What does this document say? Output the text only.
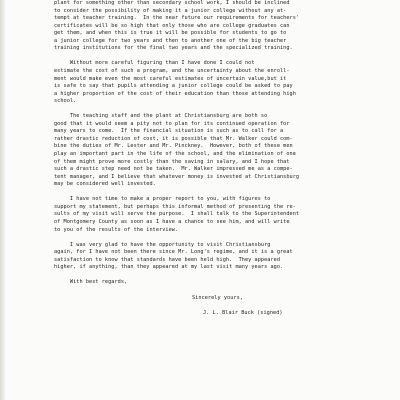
plant for something other than secondary school work, I should be inclined
to consider the possibility of making it a junior college without any at-
tempt at teacher training.  In the near future our requirements for teachers'
certificates will be so high that only those who are college graduates can
get them, and when this is true it will be possible for students to go to
a junior college for two years and then to another one of the big teacher
training institutions for the final two years and the specialized training.
Without more careful figuring than I have done I could not
estimate the cost of such a program, and the uncertainty about the enroll-
ment would make even the most careful estimates of uncertain value,but it
is safe to say that pupils attending a junior college could be asked to pay
a higher proportion of the cost of their education than those attending high
school.
The teaching staff and the plant at Christiansburg are both so
good that it would seem a pity not to plan for its continued operation for
many years to come.  If the financial situation is such as to call for a
rather drastic reduction of cost, it is possible that Mr. Walker could com-
bine the duties of Mr. Lester and Mr. Pinckney.  However, both of these men
play an important part in the life of the school, and the elimination of one
of them might prove more costly than the saving in salary, and I hope that
such a drastic step need not be taken.  Mr. Walker impressed me as a compe-
tent manager, and I believe that whatever money is invested at Christiansburg
may be considered well invested.
I have not time to make a proper report to you, with figures to
support my statement, but perhaps this informal method of presenting the re-
sults of my visit will serve the purpose.  I shall talk to the Superintendent
of Montgomery County as soon as I have a chance to see him, and will write
to you of the results of the interview.
I was very glad to have the opportunity to visit Christiansburg
again, for I have not been there since Mr. Long's regime, and it is a great
satisfaction to know that standards have been held high.  They appeared
higher, if anything, than they appeared at my last visit many years ago.
With best regards,
Sincerely yours,
J. L. Blair Buck (signed)
